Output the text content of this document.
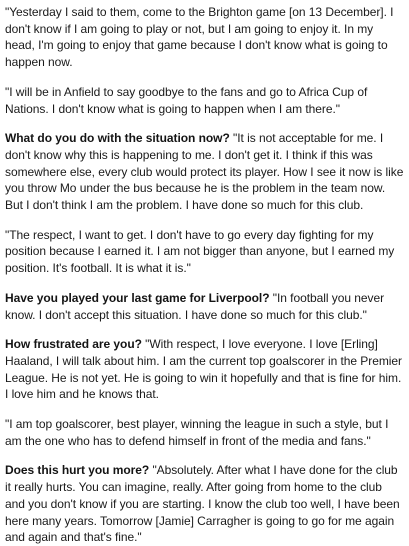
"Yesterday I said to them, come to the Brighton game [on 13 December]. I don't know if I am going to play or not, but I am going to enjoy it. In my head, I'm going to enjoy that game because I don't know what is going to happen now.

"I will be in Anfield to say goodbye to the fans and go to Africa Cup of Nations. I don't know what is going to happen when I am there."

What do you do with the situation now? "It is not acceptable for me. I don't know why this is happening to me. I don't get it. I think if this was somewhere else, every club would protect its player. How I see it now is like you throw Mo under the bus because he is the problem in the team now. But I don't think I am the problem. I have done so much for this club.

"The respect, I want to get. I don't have to go every day fighting for my position because I earned it. I am not bigger than anyone, but I earned my position. It's football. It is what it is."

Have you played your last game for Liverpool? "In football you never know. I don't accept this situation. I have done so much for this club."

How frustrated are you? "With respect, I love everyone. I love [Erling] Haaland, I will talk about him. I am the current top goalscorer in the Premier League. He is not yet. He is going to win it hopefully and that is fine for him. I love him and he knows that.

"I am top goalscorer, best player, winning the league in such a style, but I am the one who has to defend himself in front of the media and fans."

Does this hurt you more? "Absolutely. After what I have done for the club it really hurts. You can imagine, really. After going from home to the club and you don't know if you are starting. I know the club too well, I have been here many years. Tomorrow [Jamie] Carragher is going to go for me again and again and that's fine."
